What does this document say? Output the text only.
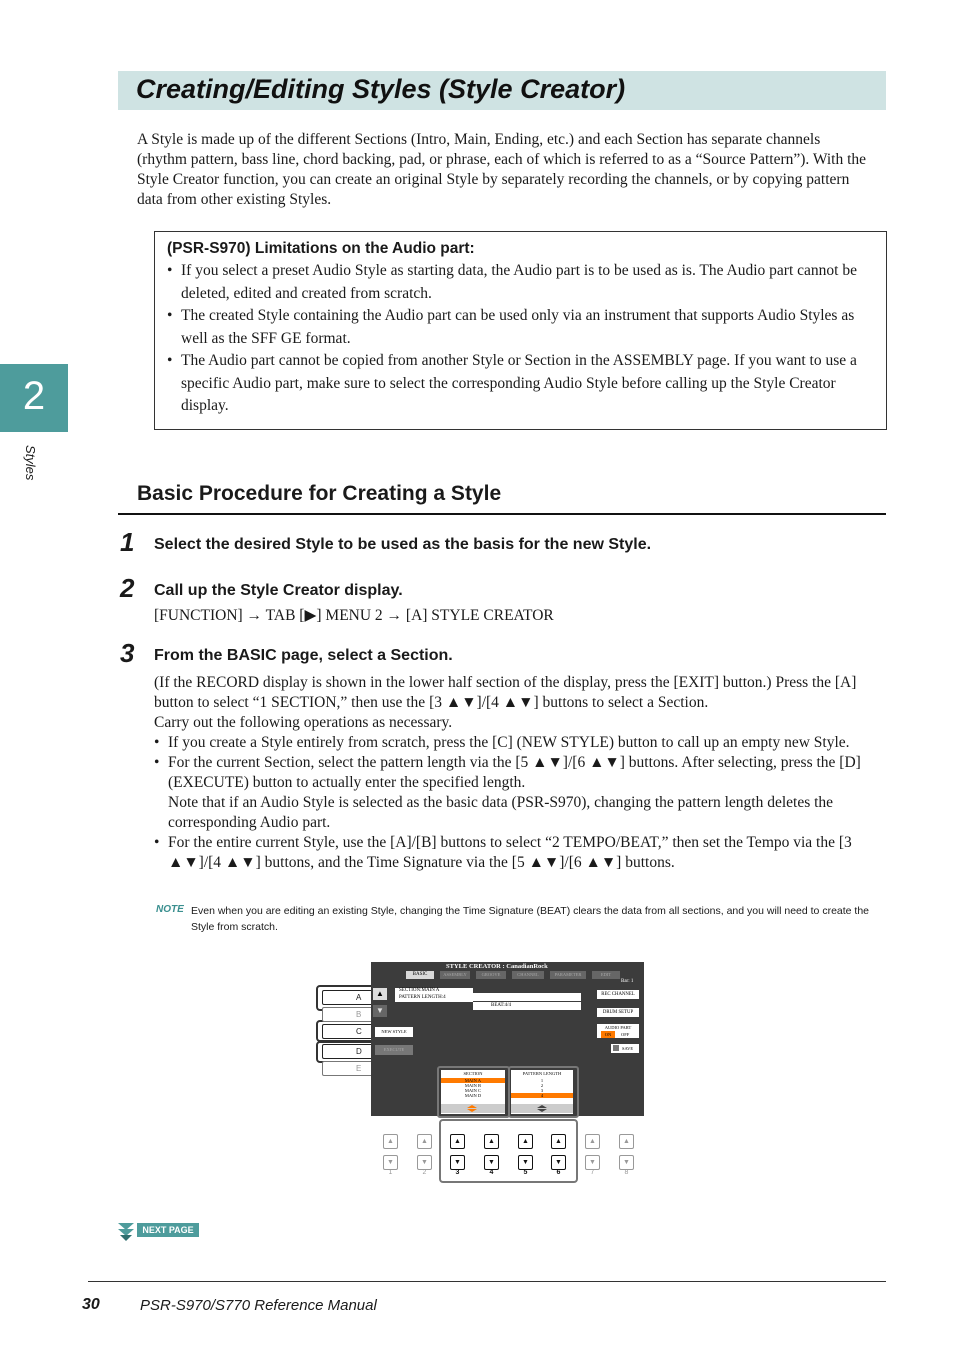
Creating/Editing Styles (Style Creator)
A Style is made up of the different Sections (Intro, Main, Ending, etc.) and each Section has separate channels (rhythm pattern, bass line, chord backing, pad, or phrase, each of which is referred to as a “Source Pattern”). With the Style Creator function, you can create an original Style by separately recording the channels, or by copying pattern data from other existing Styles.
(PSR-S970) Limitations on the Audio part:
• If you select a preset Audio Style as starting data, the Audio part is to be used as is. The Audio part cannot be deleted, edited and created from scratch.
• The created Style containing the Audio part can be used only via an instrument that supports Audio Styles as well as the SFF GE format.
• The Audio part cannot be copied from another Style or Section in the ASSEMBLY page. If you want to use a specific Audio part, make sure to select the corresponding Audio Style before calling up the Style Creator display.
2
Styles
Basic Procedure for Creating a Style
1 Select the desired Style to be used as the basis for the new Style.
2 Call up the Style Creator display.
[FUNCTION] → TAB [▶] MENU 2 → [A] STYLE CREATOR
3 From the BASIC page, select a Section.
(If the RECORD display is shown in the lower half section of the display, press the [EXIT] button.) Press the [A] button to select “1 SECTION,” then use the [3 ▲▼]/[4 ▲▼] buttons to select a Section.
Carry out the following operations as necessary.
• If you create a Style entirely from scratch, press the [C] (NEW STYLE) button to call up an empty new Style.
• For the current Section, select the pattern length via the [5 ▲▼]/[6 ▲▼] buttons. After selecting, press the [D] (EXECUTE) button to actually enter the specified length.
Note that if an Audio Style is selected as the basic data (PSR-S970), changing the pattern length deletes the corresponding Audio part.
• For the entire current Style, use the [A]/[B] buttons to select “2 TEMPO/BEAT,” then set the Tempo via the [3 ▲▼]/[4 ▲▼] buttons, and the Time Signature via the [5 ▲▼]/[6 ▲▼] buttons.
NOTE Even when you are editing an existing Style, changing the Time Signature (BEAT) clears the data from all sections, and you will need to create the Style from scratch.
A
B
C
D
E
STYLE CREATOR : CanadianRock
BASIC	ASSEMBLY	GROOVE	CHANNEL	PARAMETER	EDIT
▲
▼
SECTION:MAIN A
PATTERN LENGTH:4
BEAT:4/4
Bar: 1
REC CHANNEL
DRUM SETUP
AUDIO PART
ON	OFF
SAVE
NEW STYLE
EXECUTE
SECTION
MAIN A
MAIN B
MAIN C
MAIN D
PATTERN LENGTH
1
2
3
4
▲
▼
1
▲
▼
2
▲
▼
3
▲
▼
4
▲
▼
5
▲
▼
6
▲
▼
7
▲
▼
8
NEXT PAGE
30	PSR-S970/S770 Reference Manual
